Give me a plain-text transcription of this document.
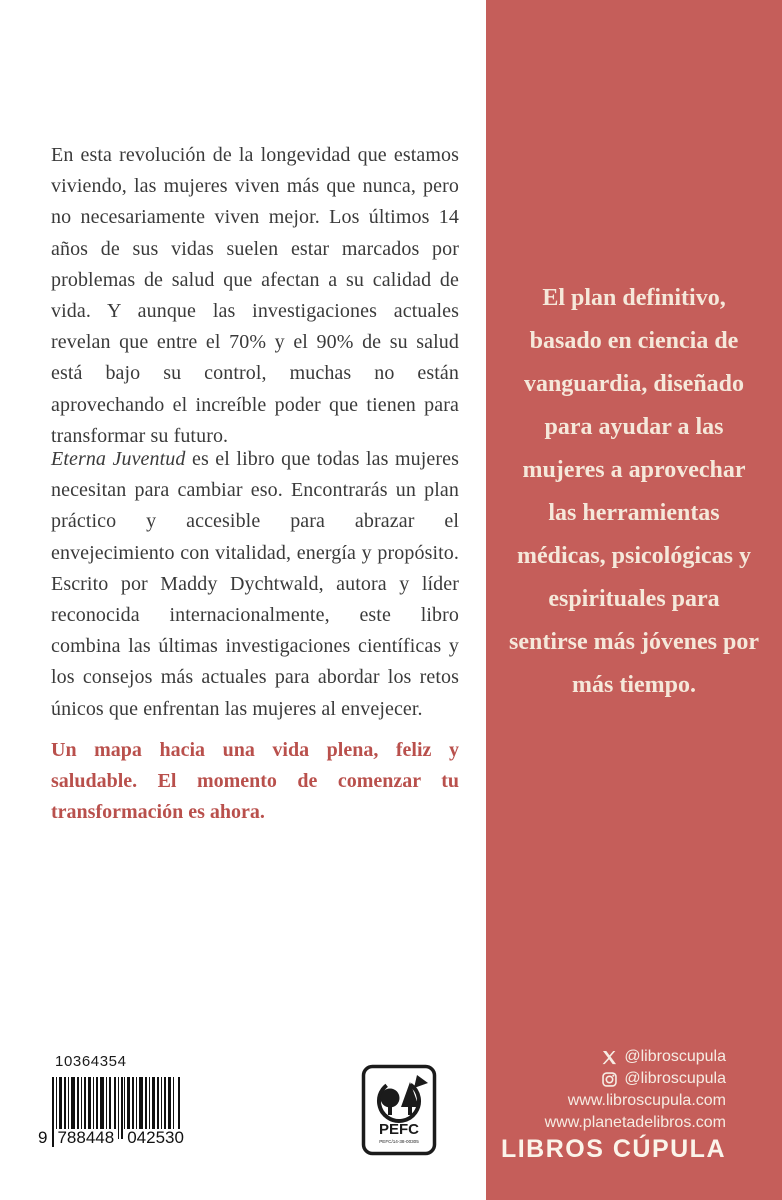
En esta revolución de la longevidad que estamos viviendo, las mujeres viven más que nunca, pero no necesariamente viven mejor. Los últimos 14 años de sus vidas suelen estar marcados por problemas de salud que afectan a su calidad de vida. Y aunque las investigaciones actuales revelan que entre el 70% y el 90% de su salud está bajo su control, muchas no están aprovechando el increíble poder que tienen para transformar su futuro.

Eterna Juventud es el libro que todas las mujeres necesitan para cambiar eso. Encontrarás un plan práctico y accesible para abrazar el envejecimiento con vitalidad, energía y propósito. Escrito por Maddy Dychtwald, autora y líder reconocida internacionalmente, este libro combina las últimas investigaciones científicas y los consejos más actuales para abordar los retos únicos que enfrentan las mujeres al envejecer.

Un mapa hacia una vida plena, feliz y saludable. El momento de comenzar tu transformación es ahora.

10364354
9 788448 042530	PEFC
PEFC/14-38-00305
El plan definitivo, basado en ciencia de vanguardia, diseñado para ayudar a las mujeres a aprovechar las herramientas médicas, psicológicas y espirituales para sentirse más jóvenes por más tiempo.
@libroscupula
@libroscupula
www.libroscupula.com
www.planetadelibros.com
LIBROS CÚPULA
